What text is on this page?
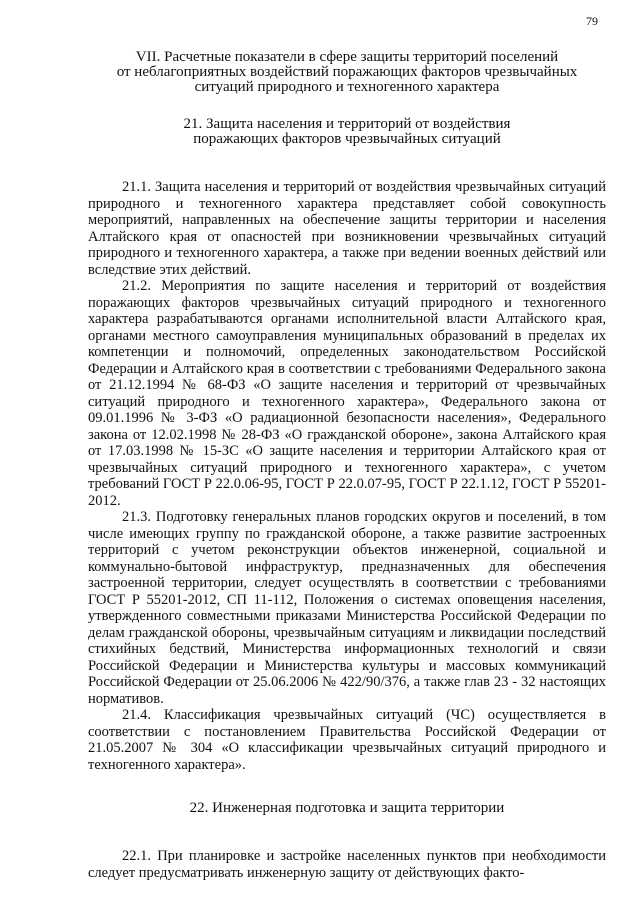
79
VII. Расчетные показатели в сфере защиты территорий поселений
от неблагоприятных воздействий поражающих факторов чрезвычайных
ситуаций природного и техногенного характера
21. Защита населения и территорий от воздействия
поражающих факторов чрезвычайных ситуаций

21.1. Защита населения и территорий от воздействия чрезвычайных ситуаций природного и техногенного характера представляет собой совокупность мероприятий, направленных на обеспечение защиты территории и населения Алтайского края от опасностей при возникновении чрезвычайных ситуаций природного и техногенного характера, а также при ведении военных действий или вследствие этих действий.

21.2. Мероприятия по защите населения и территорий от воздействия поражающих факторов чрезвычайных ситуаций природного и техногенного характера разрабатываются органами исполнительной власти Алтайского края, органами местного самоуправления муниципальных образований в пределах их компетенции и полномочий, определенных законодательством Российской Федерации и Алтайского края в соответствии с требованиями Федерального закона от 21.12.1994 № 68-ФЗ «О защите населения и территорий от чрезвычайных ситуаций природного и техногенного характера», Федерального закона от 09.01.1996 № 3-ФЗ «О радиационной безопасности населения», Федерального закона от 12.02.1998 № 28-ФЗ «О гражданской обороне», закона Алтайского края от 17.03.1998 № 15-ЗС «О защите населения и территории Алтайского края от чрезвычайных ситуаций природного и техногенного характера», с учетом требований ГОСТ Р 22.0.06-95, ГОСТ Р 22.0.07-95, ГОСТ Р 22.1.12, ГОСТ Р 55201-2012.

21.3. Подготовку генеральных планов городских округов и поселений, в том числе имеющих группу по гражданской обороне, а также развитие застроенных территорий с учетом реконструкции объектов инженерной, социальной и коммунально-бытовой инфраструктур, предназначенных для обеспечения застроенной территории, следует осуществлять в соответствии с требованиями ГОСТ Р 55201-2012, СП 11-112, Положения о системах оповещения населения, утвержденного совместными приказами Министерства Российской Федерации по делам гражданской обороны, чрезвычайным ситуациям и ликвидации последствий стихийных бедствий, Министерства информационных технологий и связи Российской Федерации и Министерства культуры и массовых коммуникаций Российской Федерации от 25.06.2006 № 422/90/376, а также глав 23 - 32 настоящих нормативов.

21.4. Классификация чрезвычайных ситуаций (ЧС) осуществляется в соответствии с постановлением Правительства Российской Федерации от 21.05.2007 № 304 «О классификации чрезвычайных ситуаций природного и техногенного характера».

22. Инженерная подготовка и защита территории

22.1. При планировке и застройке населенных пунктов при необходимости следует предусматривать инженерную защиту от действующих факто-
